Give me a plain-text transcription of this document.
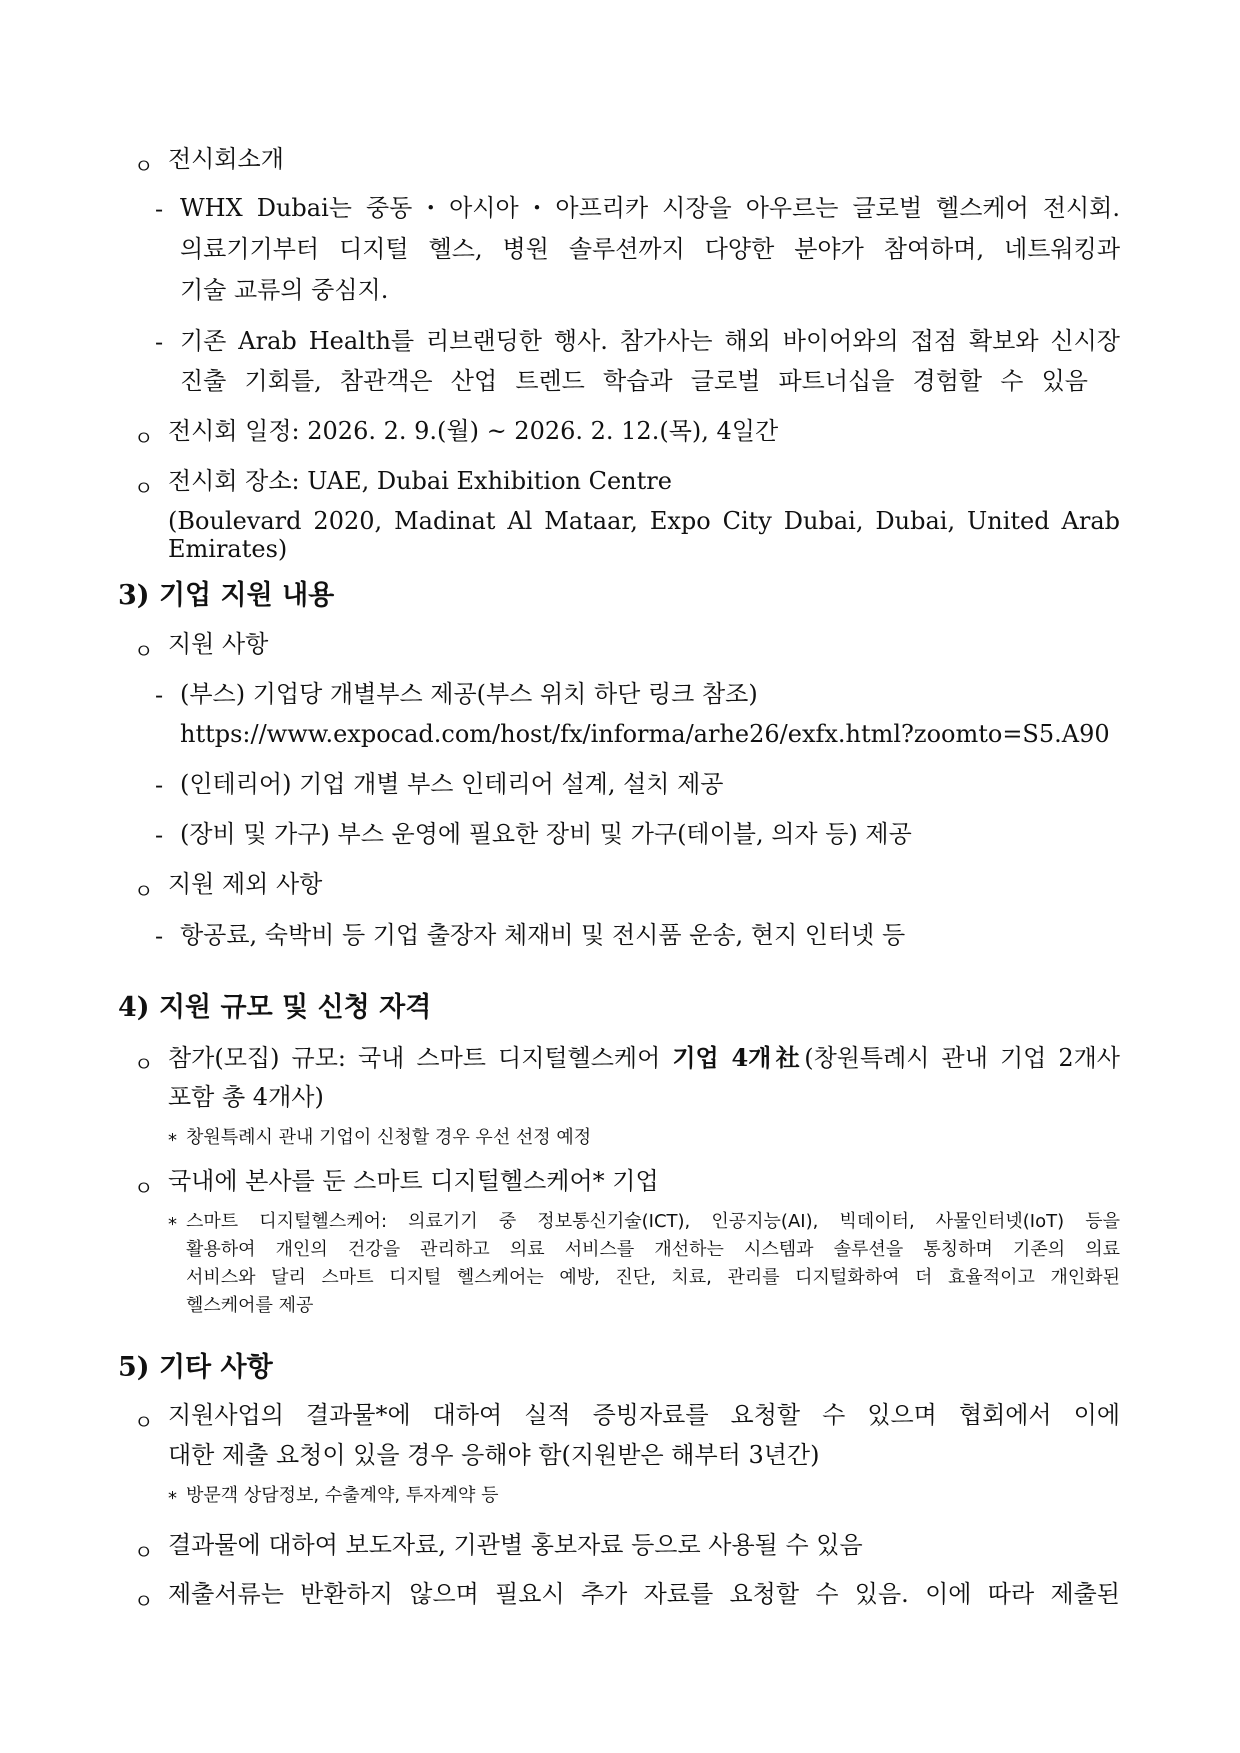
ㅇ 전시회소개
- WHX Dubai는 중동・아시아・아프리카 시장을 아우르는 글로벌 헬스케어 전시회.
의료기기부터 디지털 헬스, 병원 솔루션까지 다양한 분야가 참여하며, 네트워킹과
기술 교류의 중심지.
- 기존 Arab Health를 리브랜딩한 행사. 참가사는 해외 바이어와의 접점 확보와 신시장
진출 기회를, 참관객은 산업 트렌드 학습과 글로벌 파트너십을 경험할 수 있음
ㅇ 전시회 일정: 2026. 2. 9.(월) ~ 2026. 2. 12.(목), 4일간
ㅇ 전시회 장소: UAE, Dubai Exhibition Centre
(Boulevard 2020, Madinat Al Mataar, Expo City Dubai, Dubai, United Arab Emirates)
3) 기업 지원 내용
ㅇ 지원 사항
- (부스) 기업당 개별부스 제공(부스 위치 하단 링크 참조)
https://www.expocad.com/host/fx/informa/arhe26/exfx.html?zoomto=S5.A90
- (인테리어) 기업 개별 부스 인테리어 설계, 설치 제공
- (장비 및 가구) 부스 운영에 필요한 장비 및 가구(테이블, 의자 등) 제공
ㅇ 지원 제외 사항
- 항공료, 숙박비 등 기업 출장자 체재비 및 전시품 운송, 현지 인터넷 등
4) 지원 규모 및 신청 자격
ㅇ 참가(모집) 규모: 국내 스마트 디지털헬스케어 기업 4개社(창원특례시 관내 기업 2개사
포함 총 4개사)
* 창원특례시 관내 기업이 신청할 경우 우선 선정 예정
ㅇ 국내에 본사를 둔 스마트 디지털헬스케어* 기업
* 스마트 디지털헬스케어: 의료기기 중 정보통신기술(ICT), 인공지능(AI), 빅데이터, 사물인터넷(IoT) 등을
활용하여 개인의 건강을 관리하고 의료 서비스를 개선하는 시스템과 솔루션을 통칭하며 기존의 의료
서비스와 달리 스마트 디지털 헬스케어는 예방, 진단, 치료, 관리를 디지털화하여 더 효율적이고 개인화된
헬스케어를 제공
5) 기타 사항
ㅇ 지원사업의 결과물*에 대하여 실적 증빙자료를 요청할 수 있으며 협회에서 이에
대한 제출 요청이 있을 경우 응해야 함(지원받은 해부터 3년간)
* 방문객 상담정보, 수출계약, 투자계약 등
ㅇ 결과물에 대하여 보도자료, 기관별 홍보자료 등으로 사용될 수 있음
ㅇ 제출서류는 반환하지 않으며 필요시 추가 자료를 요청할 수 있음. 이에 따라 제출된
